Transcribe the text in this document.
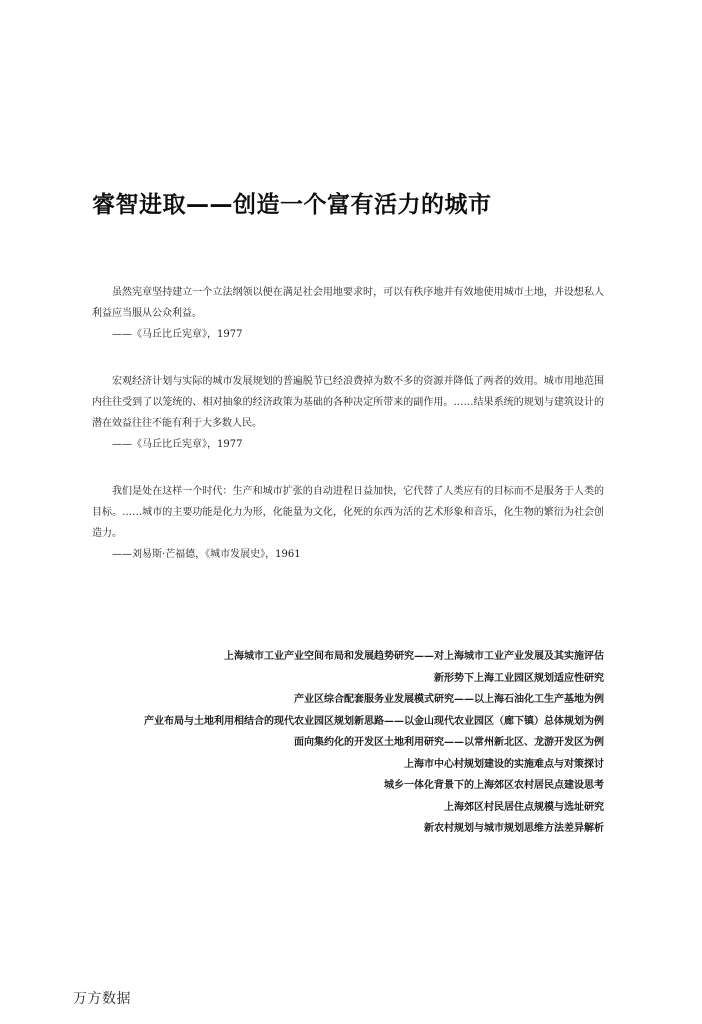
睿智进取——创造一个富有活力的城市

虽然宪章坚持建立一个立法纲领以便在满足社会用地要求时，可以有秩序地并有效地使用城市土地，并设想私人利益应当服从公众利益。

——《马丘比丘宪章》，1977

宏观经济计划与实际的城市发展规划的普遍脱节已经浪费掉为数不多的资源并降低了两者的效用。城市用地范围内往往受到了以笼统的、相对抽象的经济政策为基础的各种决定所带来的副作用。……结果系统的规划与建筑设计的潜在效益往往不能有利于大多数人民。

——《马丘比丘宪章》，1977

我们是处在这样一个时代：生产和城市扩张的自动进程日益加快，它代替了人类应有的目标而不是服务于人类的目标。……城市的主要功能是化力为形，化能量为文化，化死的东西为活的艺术形象和音乐，化生物的繁衍为社会创造力。

——刘易斯·芒福德，《城市发展史》，1961

上海城市工业产业空间布局和发展趋势研究——对上海城市工业产业发展及其实施评估
新形势下上海工业园区规划适应性研究
产业区综合配套服务业发展模式研究——以上海石油化工生产基地为例
产业布局与土地利用相结合的现代农业园区规划新思路——以金山现代农业园区（廊下镇）总体规划为例
面向集约化的开发区土地利用研究——以常州新北区、龙游开发区为例
上海市中心村规划建设的实施难点与对策探讨
城乡一体化背景下的上海郊区农村居民点建设思考
上海郊区村民居住点规模与选址研究
新农村规划与城市规划思维方法差异解析
万方数据
